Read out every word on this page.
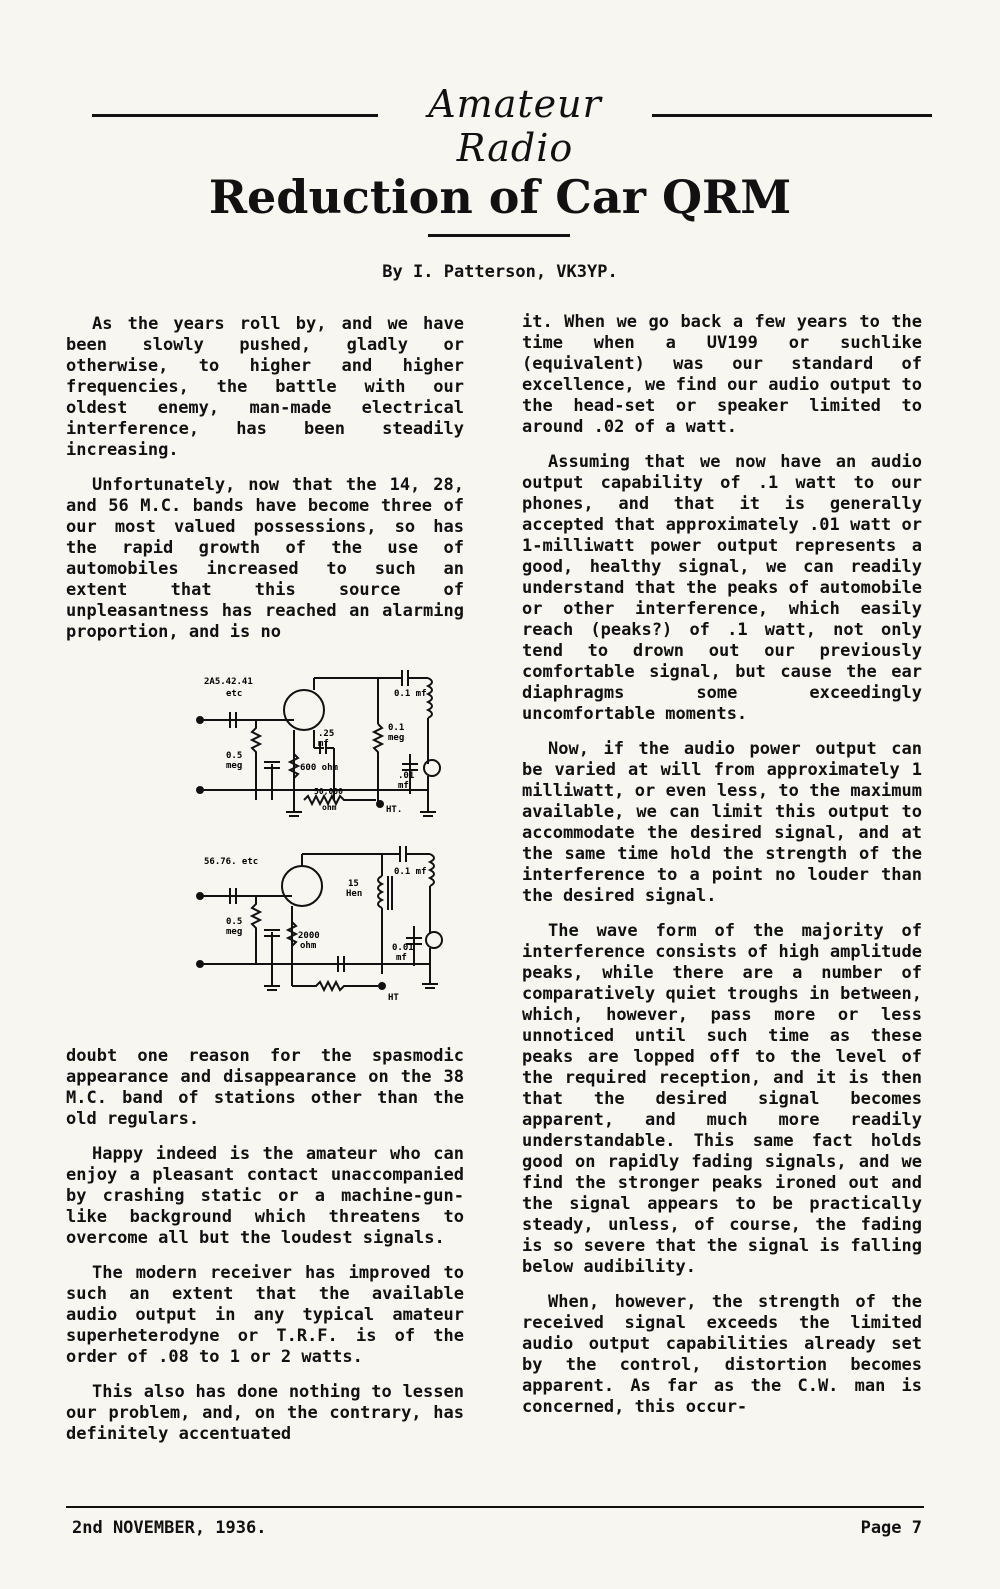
Amateur Radio
Reduction of Car QRM
By I. Patterson, VK3YP.

As the years roll by, and we have been slowly pushed, gladly or otherwise, to higher and higher frequencies, the battle with our oldest enemy, man-made electrical interference, has been steadily increasing.

Unfortunately, now that the 14, 28, and 56 M.C. bands have become three of our most valued possessions, so has the rapid growth of the use of automobiles increased to such an extent that this source of unpleasantness has reached an alarming proportion, and is no

2A5.42.41
etc
0.5
meg
.25
mf
600 ohm
50,000
ohm
0.1
meg
0.1 mf
.01
mf
HT.
56.76. etc
15
Hen
0.5
meg	2000
ohm
0.1 mf
0.01
mf
HT

doubt one reason for the spasmodic appearance and disappearance on the 38 M.C. band of stations other than the old regulars.

Happy indeed is the amateur who can enjoy a pleasant contact unaccompanied by crashing static or a machine-gun-like background which threatens to overcome all but the loudest signals.

The modern receiver has improved to such an extent that the available audio output in any typical amateur superheterodyne or T.R.F. is of the order of .08 to 1 or 2 watts.

This also has done nothing to lessen our problem, and, on the contrary, has definitely accentuated

it. When we go back a few years to the time when a UV199 or suchlike (equivalent) was our standard of excellence, we find our audio output to the head-set or speaker limited to around .02 of a watt.

Assuming that we now have an audio output capability of .1 watt to our phones, and that it is generally accepted that approximately .01 watt or 1-milliwatt power output represents a good, healthy signal, we can readily understand that the peaks of automobile or other interference, which easily reach (peaks?) of .1 watt, not only tend to drown out our previously comfortable signal, but cause the ear diaphragms some exceedingly uncomfortable moments.

Now, if the audio power output can be varied at will from approximately 1 milliwatt, or even less, to the maximum available, we can limit this output to accommodate the desired signal, and at the same time hold the strength of the interference to a point no louder than the desired signal.

The wave form of the majority of interference consists of high amplitude peaks, while there are a number of comparatively quiet troughs in between, which, however, pass more or less unnoticed until such time as these peaks are lopped off to the level of the required reception, and it is then that the desired signal becomes apparent, and much more readily understandable. This same fact holds good on rapidly fading signals, and we find the stronger peaks ironed out and the signal appears to be practically steady, unless, of course, the fading is so severe that the signal is falling below audibility.

When, however, the strength of the received signal exceeds the limited audio output capabilities already set by the control, distortion becomes apparent. As far as the C.W. man is concerned, this occur-

2nd NOVEMBER, 1936.	Page 7
